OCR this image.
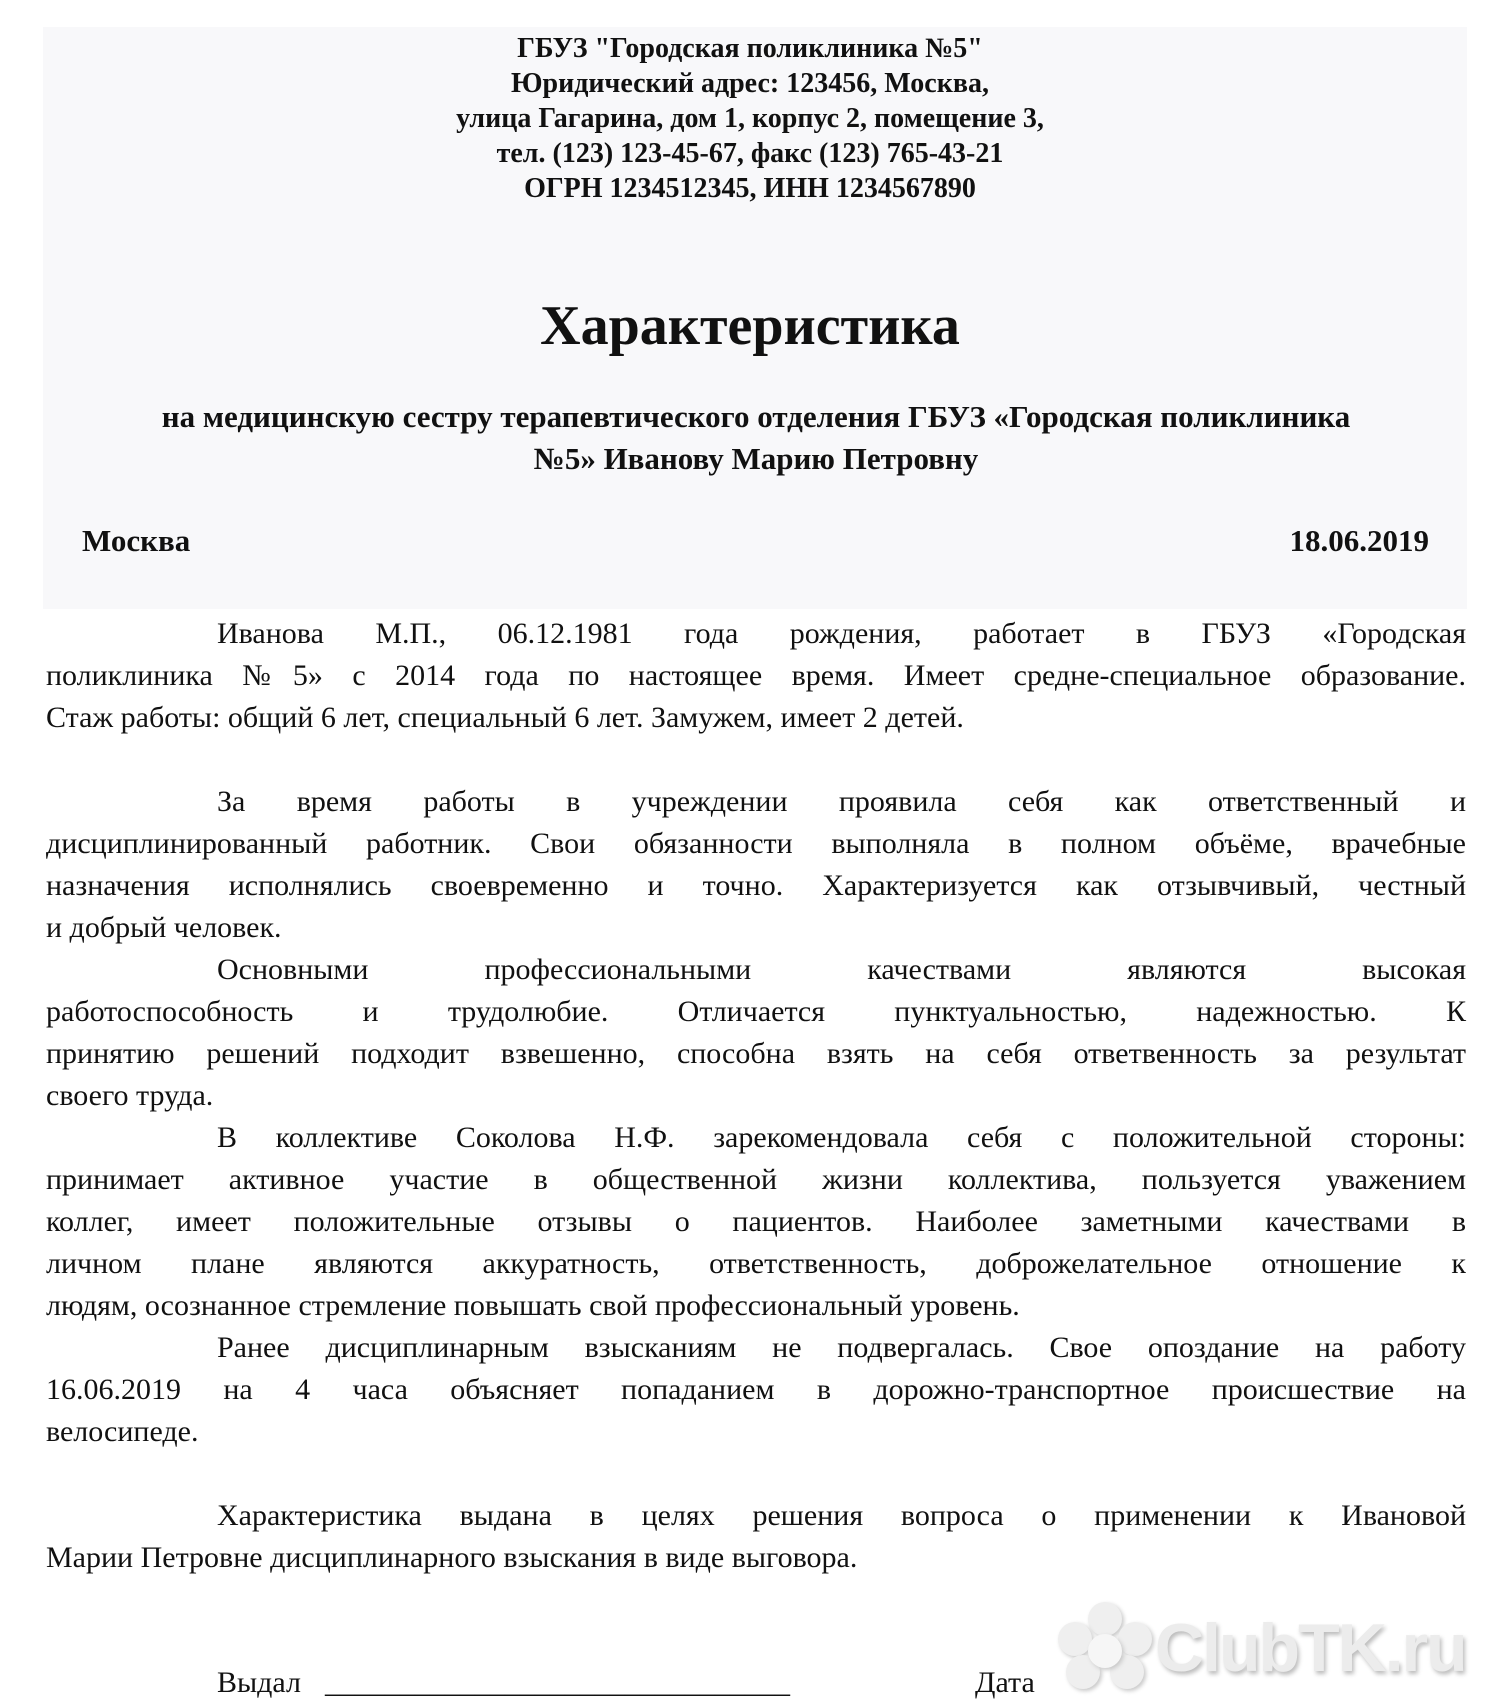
ГБУЗ "Городская поликлиника №5"
Юридический адрес: 123456, Москва,
улица Гагарина, дом 1, корпус 2, помещение 3,
тел. (123) 123-45-67, факс (123) 765-43-21
ОГРН 1234512345, ИНН 1234567890
Характеристика
на медицинскую сестру терапевтического отделения ГБУЗ «Городская поликлиника
№5» Иванову Марию Петровну
Москва	18.06.2019
Иванова М.П., 06.12.1981 года рождения, работает в ГБУЗ «Городская
поликлиника №5» с 2014 года по настоящее время. Имеет средне-специальное образование.
Стаж работы: общий 6 лет, специальный 6 лет. Замужем, имеет 2 детей.
За время работы в учреждении проявила себя как ответственный и
дисциплинированный работник. Свои обязанности выполняла в полном объёме, врачебные
назначения исполнялись своевременно и точно. Характеризуется как отзывчивый, честный
и добрый человек.
Основными профессиональными качествами являются высокая
работоспособность и трудолюбие. Отличается пунктуальностью, надежностью. К
принятию решений подходит взвешенно, способна взять на себя ответвенность за результат
своего труда.
В коллективе Соколова Н.Ф. зарекомендовала себя с положительной стороны:
принимает активное участие в общественной жизни коллектива, пользуется уважением
коллег, имеет положительные отзывы о пациентов. Наиболее заметными качествами в
личном плане являются аккуратность, ответственность, доброжелательное отношение к
людям, осознанное стремление повышать свой профессиональный уровень.
Ранее дисциплинарным взысканиям не подвергалась. Свое опоздание на работу
16.06.2019 на 4 часа объясняет попаданием в дорожно-транспортное происшествие на
велосипеде.
Характеристика выдана в целях решения вопроса о применении к Ивановой
Марии Петровне дисциплинарного взыскания в виде выговора.
ClubTK.ru
Выдал _______________________________	Дата
